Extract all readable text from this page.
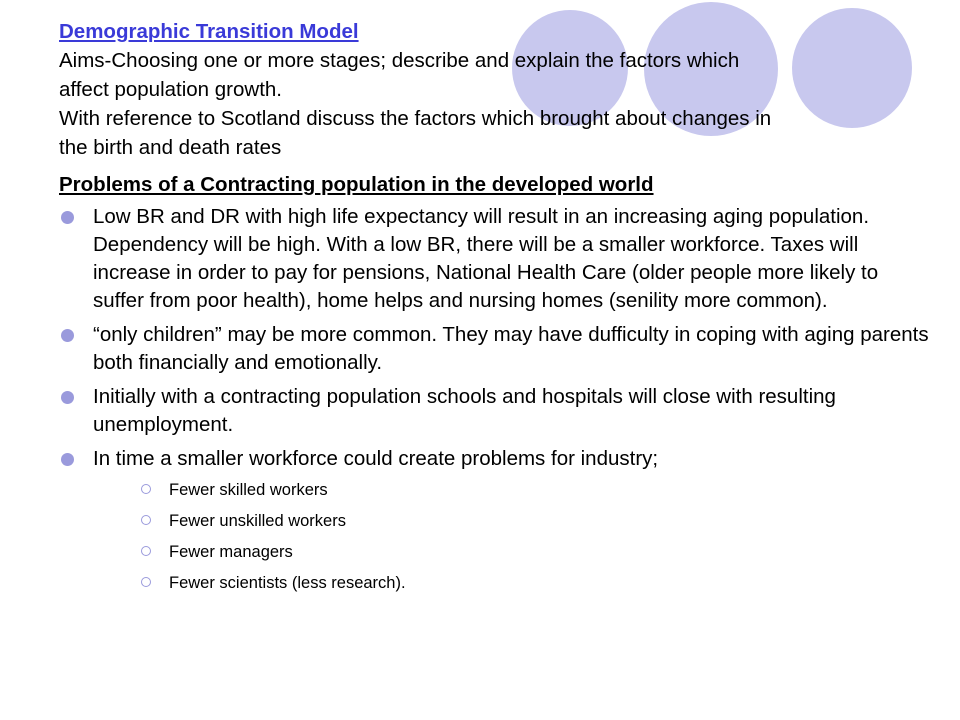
Demographic Transition Model
Aims-Choosing one or more stages; describe and explain the factors which
affect population growth.
With reference to Scotland discuss the factors which brought about changes in
the birth and death rates
Problems of a Contracting population in the developed world
Low BR and DR with high life expectancy will result in an increasing aging population. Dependency will be high. With a low BR, there will be a smaller workforce. Taxes will increase in order to pay for pensions, National Health Care (older people more likely to suffer from poor health), home helps and nursing homes (senility more common).
“only children” may be more common. They may have dufficulty in coping with aging parents both financially and emotionally.
Initially with a contracting population schools and hospitals will close with resulting unemployment.
In time a smaller workforce could create problems for industry;
Fewer skilled workers
Fewer unskilled workers
Fewer managers
Fewer scientists (less research).
